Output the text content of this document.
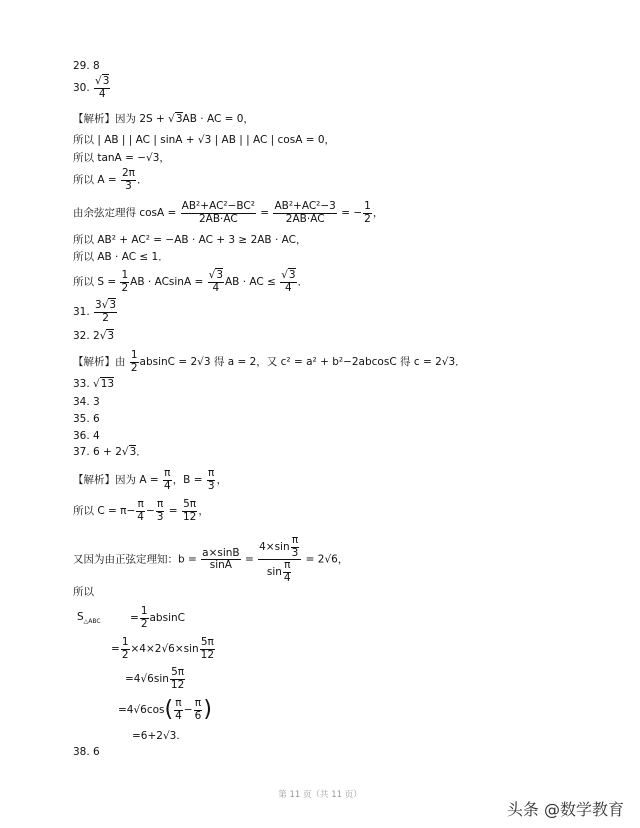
29. 8
30. $\frac{√3}{4}$
【解析】因为 2S + √3AB · AC = 0，
所以 | AB | | AC | sinA + √3 | AB | | AC | cosA = 0，
所以 tanA = −√3，
所以 $A = \frac{2\pi}{3}$ ．
由余弦定理得 $\cos A = \frac{\text{AB²+AC²−BC²}}{2AB\cdot AC} = \frac{\text{AB²+AC²−3}}{2AB\cdot AC}$ = − $\frac{1}{2}$ ，
所以 AB² + AC² = −AB · AC + 3 ≥ 2AB · AC，
所以 AB · AC ≤ 1．
所以 $S = \frac{1}{2}$ AB · $ACsinA = \frac{√3}{4}$ AB · AC ≤ $\frac{√3}{4}$ ．
31. $\frac{3√3}{2}$
32. 2√3
【解析】由 $\frac{1}{2}$ absinC = 2√3 得 a = 2，又 c² = a² + b²−2abcosC 得 c = 2√3．
33. √13
34. 3
35. 6
36. 4
37. 6 + 2√3．
【解析】因为 $A = \frac{\pi}{4}$ ，$B = \frac{\pi}{3}$ ，
所以 $C = \pi- \frac{\pi}{4} - \frac{\pi}{3} = \frac{5\pi}{12}$ ，
又因为由正弦定理知：$b = \frac{a\times\sin B}{\sin A} = \frac{4\times\sin \frac{\pi}{3}}{\sin \frac{\pi}{4}} = 2√6$，
所以
$S_{\triangle ABC}$	= $\frac{1}{2}$ absinC
= $\frac{1}{2} \times 4\times 2√6\times\sin \frac{5\pi}{12}$
$=4√6\sin \frac{5\pi}{12}$
$=4√6\cos( \frac{\pi}{4} - \frac{\pi}{6}$ )
=6+2√3.
38. 6
第 11 页（共 11 页）
头条 @数学教育
